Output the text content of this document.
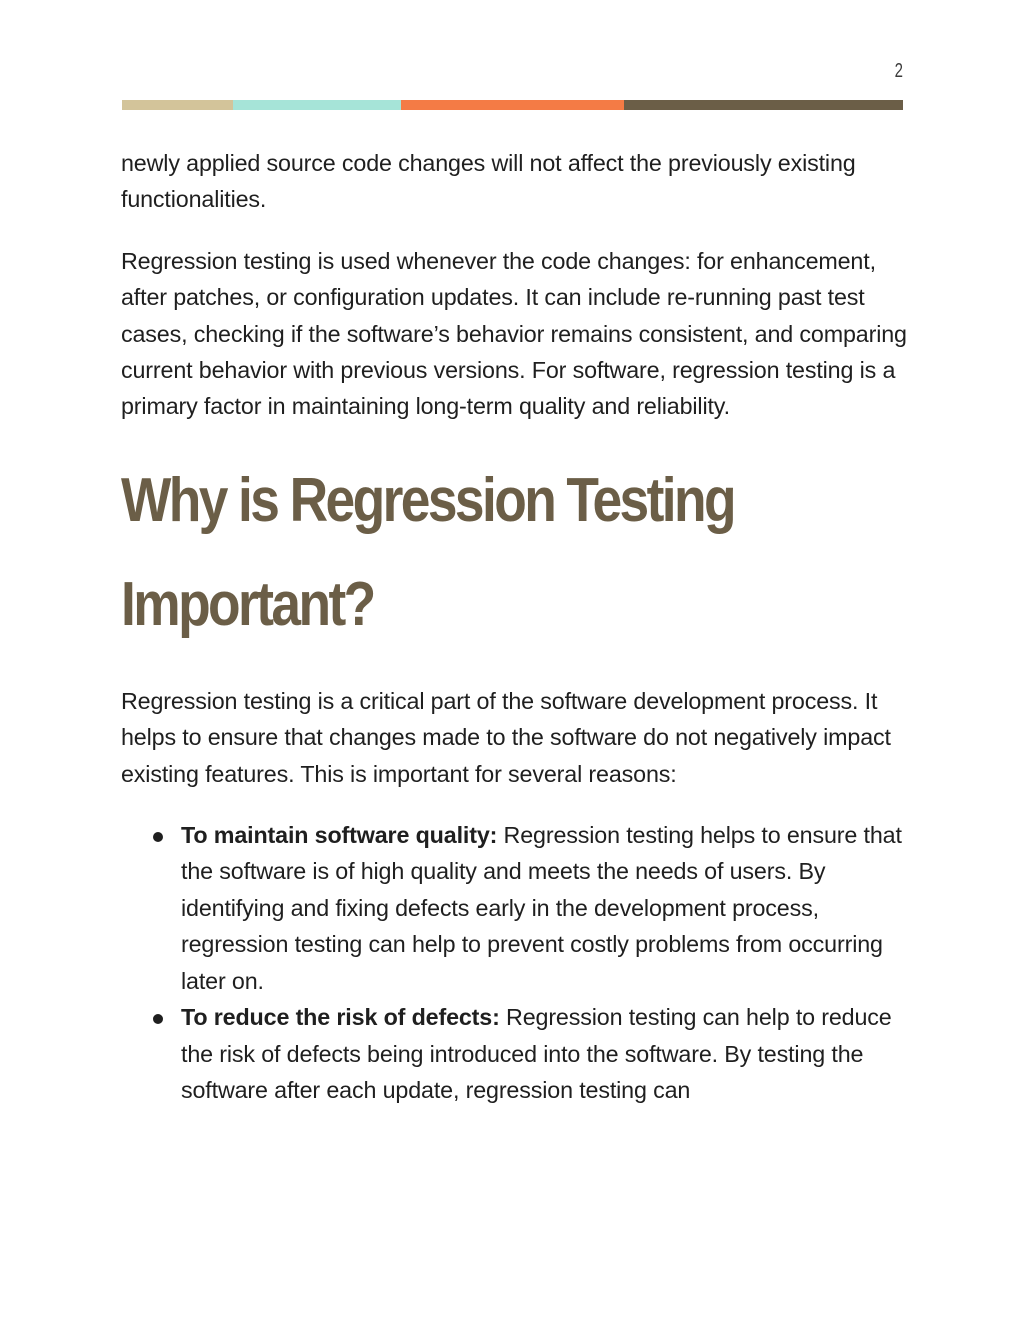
2

newly applied source code changes will not affect the previously existing functionalities.

Regression testing is used whenever the code changes: for enhancement, after patches, or configuration updates. It can include re-running past test cases, checking if the software’s behavior remains consistent, and comparing current behavior with previous versions. For software, regression testing is a primary factor in maintaining long-term quality and reliability.

Why is Regression Testing Important?

Regression testing is a critical part of the software development process. It helps to ensure that changes made to the software do not negatively impact existing features. This is important for several reasons:

To maintain software quality: Regression testing helps to ensure that the software is of high quality and meets the needs of users. By identifying and fixing defects early in the development process, regression testing can help to prevent costly problems from occurring later on.
To reduce the risk of defects: Regression testing can help to reduce the risk of defects being introduced into the software. By testing the software after each update, regression testing can
